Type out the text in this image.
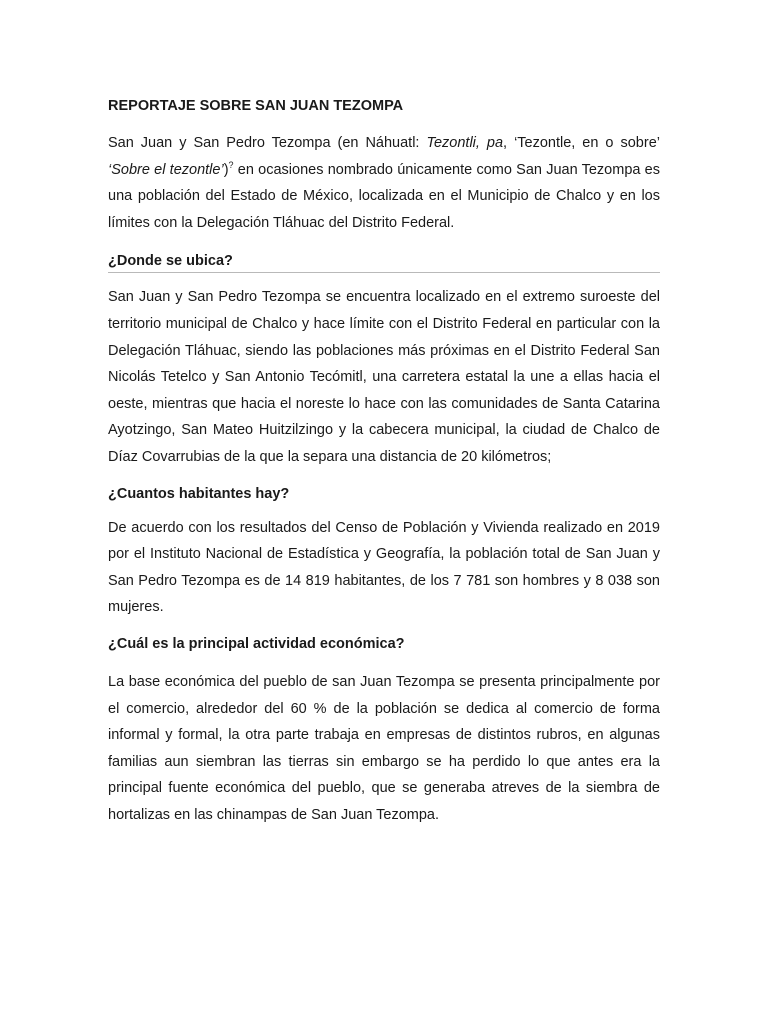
REPORTAJE SOBRE SAN JUAN TEZOMPA

San Juan y San Pedro Tezompa (en Náhuatl: Tezontli, pa, ‘Tezontle, en o sobre’ ‘Sobre el tezontle’)? en ocasiones nombrado únicamente como San Juan Tezompa es una población del Estado de México, localizada en el Municipio de Chalco y en los límites con la Delegación Tláhuac del Distrito Federal.

¿Donde se ubica?

San Juan y San Pedro Tezompa se encuentra localizado en el extremo suroeste del territorio municipal de Chalco y hace límite con el Distrito Federal en particular con la Delegación Tláhuac, siendo las poblaciones más próximas en el Distrito Federal San Nicolás Tetelco y San Antonio Tecómitl, una carretera estatal la une a ellas hacia el oeste, mientras que hacia el noreste lo hace con las comunidades de Santa Catarina Ayotzingo, San Mateo Huitzilzingo y la cabecera municipal, la ciudad de Chalco de Díaz Covarrubias de la que la separa una distancia de 20 kilómetros;

¿Cuantos habitantes hay?

De acuerdo con los resultados del Censo de Población y Vivienda realizado en 2019 por el Instituto Nacional de Estadística y Geografía, la población total de San Juan y San Pedro Tezompa es de 14 819 habitantes, de los 7 781 son hombres y 8 038 son mujeres.

¿Cuál es la principal actividad económica?

La base económica del pueblo de san Juan Tezompa se presenta principalmente por el comercio, alrededor del 60 % de la población se dedica al comercio de forma informal y formal, la otra parte trabaja en empresas de distintos rubros, en algunas familias aun siembran las tierras sin embargo se ha perdido lo que antes era la principal fuente económica del pueblo, que se generaba atreves de la siembra de hortalizas en las chinampas de San Juan Tezompa.
